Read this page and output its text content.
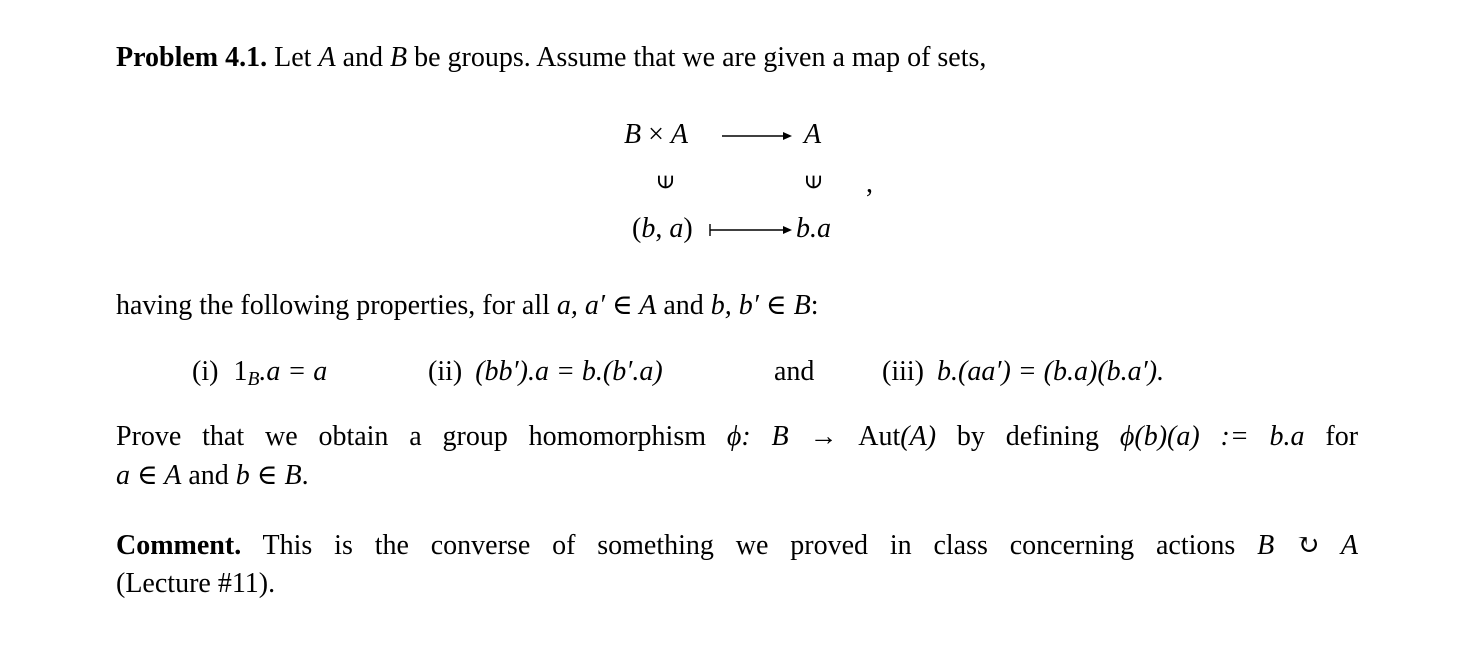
Problem 4.1. Let A and B be groups. Assume that we are given a map of sets,
B × A	A
∋	∋ ,
(b, a)	b.a
having the following properties, for all a, a′ ∈ A and b, b′ ∈ B:
(i) $1_B.a = a$	(ii) (bb′).a = b.(b′.a)	and (iii) b.(aa′) = (b.a)(b.a′).
Prove that we obtain a group homomorphism ϕ: B → Aut(A) by defining ϕ(b)(a) := b.a for
a ∈ A and b ∈ B.
Comment. This is the converse of something we proved in class concerning actions B ↻ A
(Lecture #11).
